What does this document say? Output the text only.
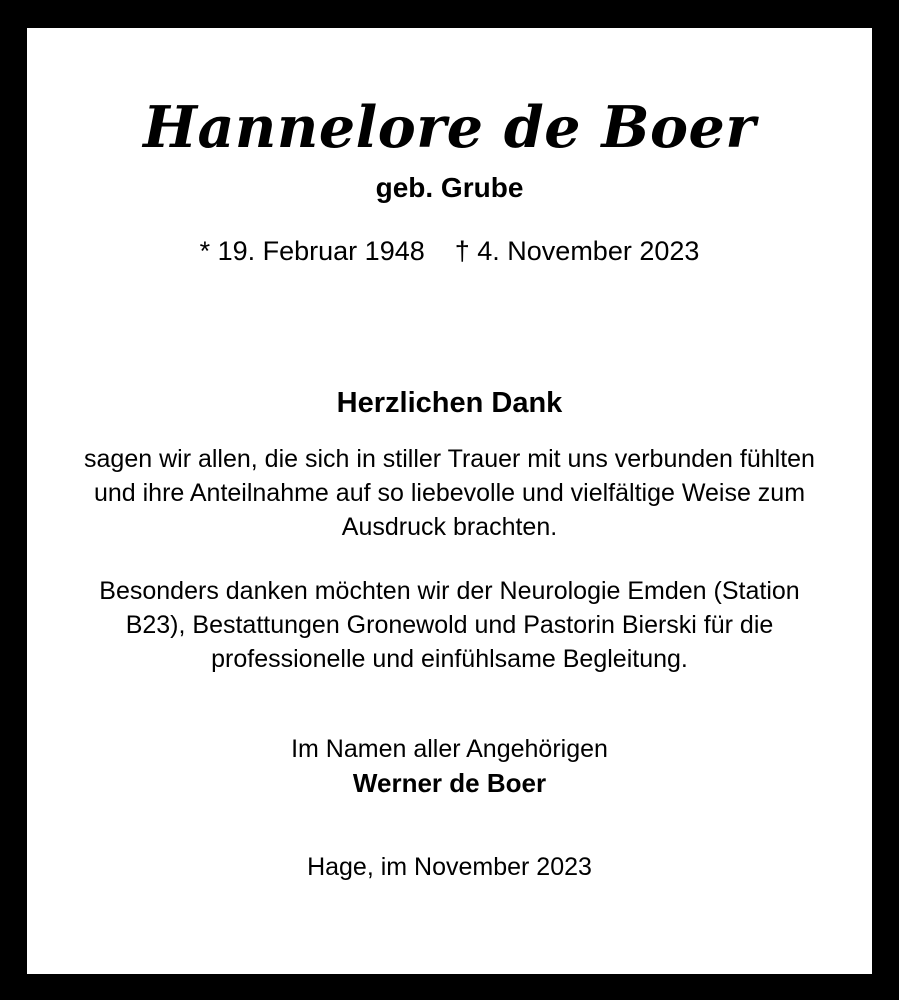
Hannelore de Boer
geb. Grube
* 19. Februar 1948    † 4. November 2023
Herzlichen Dank

sagen wir allen, die sich in stiller Trauer mit uns verbunden fühlten und ihre Anteilnahme auf so liebevolle und vielfältige Weise zum Ausdruck brachten.

Besonders danken möchten wir der Neurologie Emden (Station B23), Bestattungen Gronewold und Pastorin Bierski für die professionelle und einfühlsame Begleitung.

Im Namen aller Angehörigen

Werner de Boer

Hage, im November 2023
